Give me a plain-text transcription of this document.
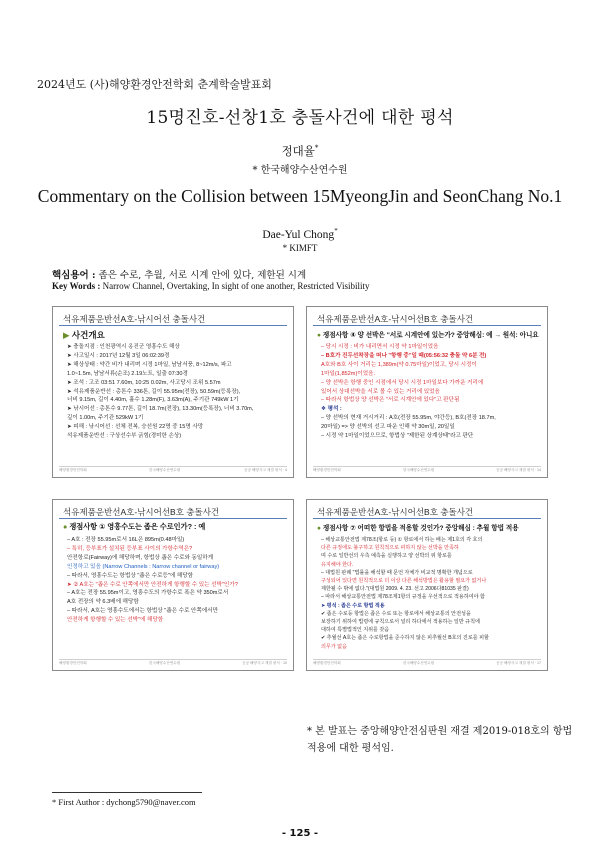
2024년도 (사)해양환경안전학회 춘계학술발표회
15명진호-선창1호 충돌사건에 대한 평석
정대율*
* 한국해양수산연수원
Commentary on the Collision between 15MyeongJin and SeonChang No.1
Dae-Yul Chong*
* KIMFT
핵심용어 : 좁은 수로, 추월, 서로 시계 안에 있다, 제한된 시계
Key Words : Narrow Channel, Overtaking, In sight of one another, Restricted Visibility
석유제품운반선A호-낚시어선 충돌사건
▶ 사건개요
➤ 충돌지점 : 인천광역시 옹진군 영흥수도 해상
➤ 사고일시 : 2017년 12월 3일 06:02:39경
➤ 해상상태 : 약간 비가 내리며 시정 1마일, 남남서풍, 8~12m/s, 파고
1.0~1.5m, 남남서류(순조) 2.19노트, 일출 07:30경
➤ 조석 : 고조 03:51 7.60m, 10:25 0.02m, 사고당시 조위 5.57m
➤ 석유제품운반선 : 총톤수 336톤, 길이 55.95m(전장), 50.59m(등록장),
너비 9.15m, 길이 4.40m, 흘수 1.28m(F), 3.63m(A), 주기관 749kW 1기
➤ 낚시어선 : 총톤수 9.77톤, 길이 18.7m(전장), 13.30m(등록장), 너비 3.70m,
깊이 1.00m, 주기관 529kW 1기
➤ 피해 : 낚시어선 : 선체 전복, 승선원 22명 중 15명 사망
석유제품운반선 : 구상선수부 긁힘(경미한 손상)
해양환경안전학회	한국해양수산연수원	공공 해양사고 재결 평석 · 4
석유제품운반선A호-낚시어선B호 충돌사건
● 쟁점사항 ④ 양 선박은 "서로 시계안에 있는가? 중앙해심: 예 → 원석: 아니요
– 당시 시정 : 비가 내리면서 시정 약 1마일이었음
– B호가 진두선착장을 떠나 "항행 중"일 때(05:56:32 충돌 약 6분 전)
A호와 B호 사이 거리는 1,389m(약 0.75마일)이었고, 당시 시정이
1마일(1,852m)이었음.
– 양 선박은 항행 중인 시점에서 당시 시정 1마일보다 가까운 거리에
있어서 상대선박을 서로 볼 수 있는 거리에 있었음
– 따라서 항법상 양 선박은 "서로 시계안에 있다"고 판단됨
❖ 평석 :
– 양 선박의 현재 거시거리 : A호(전장 55.95m, 야간등), B호(전장 18.7m,
20마일) => 양 선박의 선고 파운 인해 약 30m일, 20일일
– 시정 약 1마일이었으므로, 항법상 "제한된 상계상태"라고 판단
해양환경안전학회	한국해양수산연수원	공공 해양사고 재결 평석 · 14
석유제품운반선A호-낚시어선B호 충돌사건
● 쟁점사항 ① 영흥수도는 좁은 수로인가? : 예
– A호 : 전장 55.95m로서 16L은 895m(0.48마일)
– 특히, 등부표가 설치된 등부표 사이의 가항수역은?
안전항로(Fairway)에 해당하며, 항법상 좁은 수로와 동일하게
인정하고 있음 (Narrow Channels : Narrow channel or fairway)
– 따라서, 영흥수도는 항법상 "좁은 수로등"에 해당함
➤ ② A호는 "좁은 수로 안쪽에서만 안전하게 항행할 수 있는 선박"인가?
– A호는 전장 55.95m이고, 영흥수도의 가항수로 폭은 약 350m로서
A호 전장의 약 6.3배에 해당함
– 따라서, A호는 영흥수도에서는 항법상 "좁은 수로 안쪽에서만
안전하게 항행할 수 있는 선박"에 해당함
해양환경안전학회	한국해양수산연수원	공공 해양사고 재결 평석 · 10
석유제품운반선A호-낚시어선B호 충돌사건
● 쟁점사항 ⑦ 어떠한 항법을 적용할 것인가? 중앙해심 : 추월 항법 적용
– 해상교통안전법 제78조(항로 등) ① 항로에서 하는 배는 제1호의 각 호의
다른 규정에도 불구하고 원칙적으로 피하지 않는 선박을 만족하
며 수로 일반선의 우측 예측을 실행하고 양 선박의 위 항로를
유지해야 한다.
– 대법원 판례 "법률을 해석할 때 문언 자체가 비교적 명확한 개념으로
구성되어 있다면 원칙적으로 더 이상 다른 해석방법은 활용할 필요가 없거나
제한될 수 밖에 없다."(대법원 2009. 4. 23. 선고 2006다81035 판결)
– 따라서 해상교통안전법 제78조제1항의 규정을 우선적으로 적용하여야 함
➤ 평석 : 좁은 수로 항법 적용
✔ 좁은 수로등 항법은 좁은 수로 또는 항로에서 해상교통의 안전성을
보장하기 위하여 법령에 규칙으로서 널리 하다에서 적용하는 일반 규칙에
대하여 특별법적인 지위를 갖음
✔ 추월선 A호는 좁은 수로항법을 준수하지 않은 피추월선 B호의 진로를 피할
의무가 없음
해양환경안전학회	한국해양수산연수원	공공 해양사고 재결 평석 · 17
* 본 발표는 중앙해양안전심판원 재결 제2019-018호의 항법 적용에 대한 평석임.
* First Author : dychong5790@naver.com
- 125 -
